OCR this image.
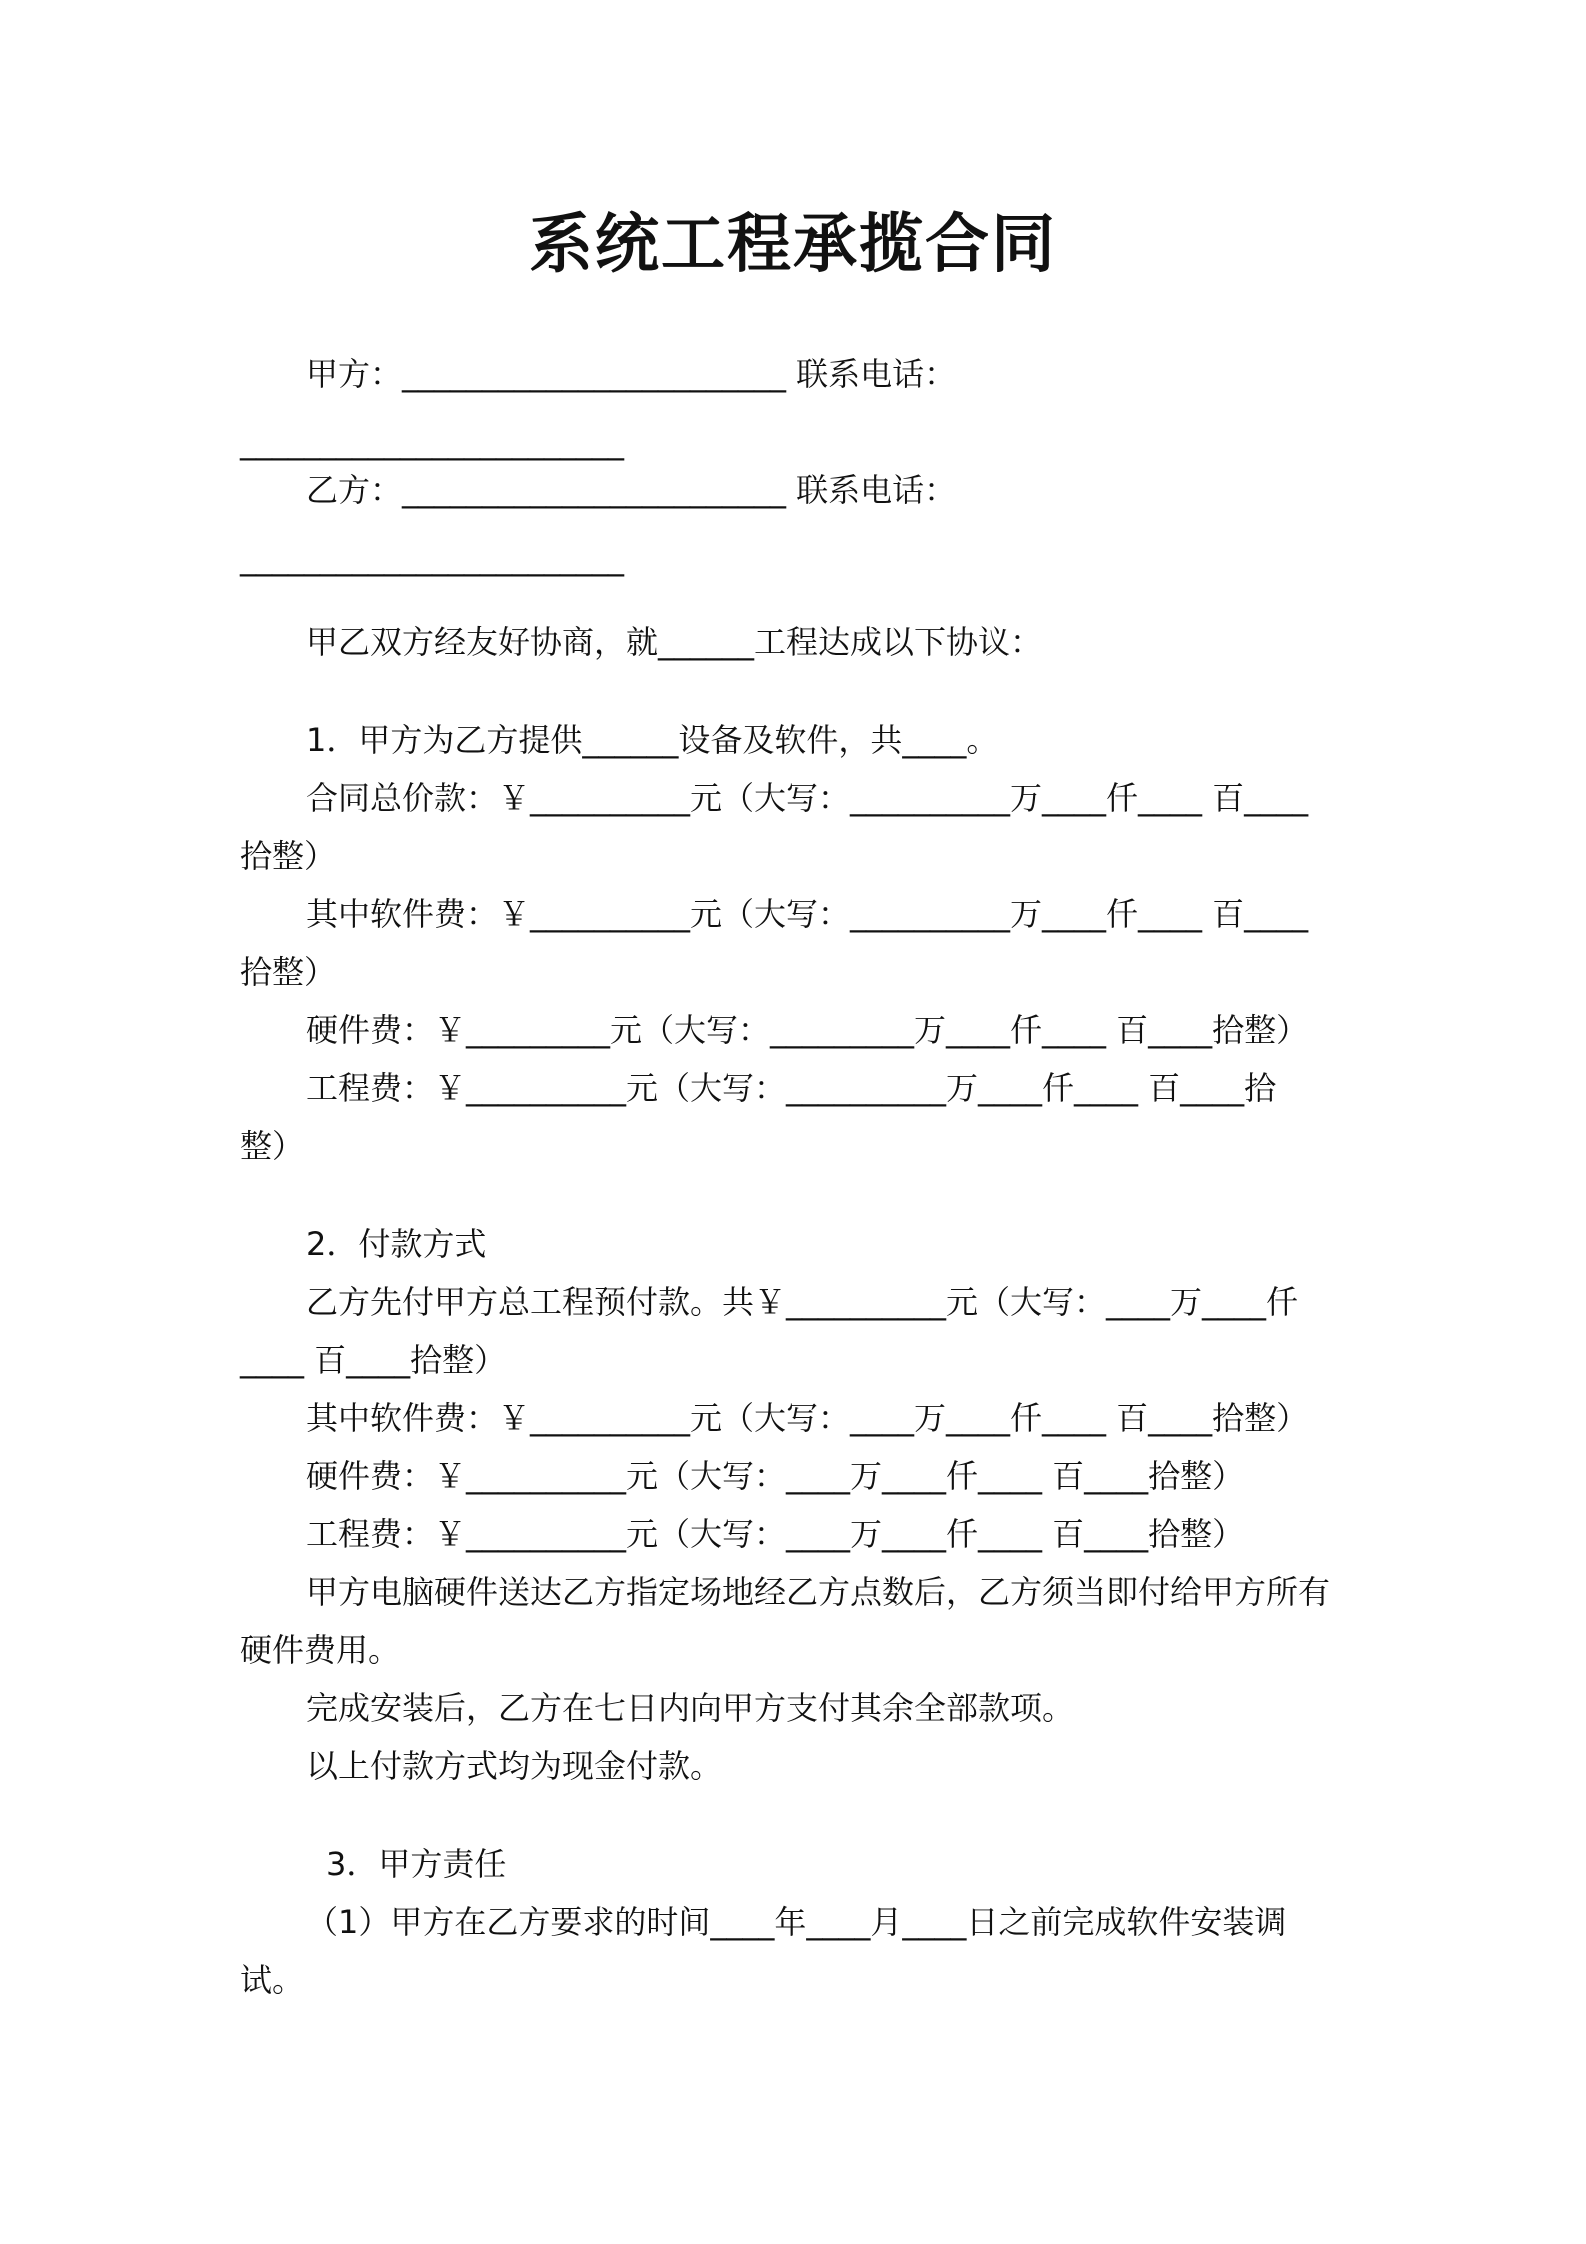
系统工程承揽合同
甲方：________________________ 联系电话：
________________________
乙方：________________________ 联系电话：
________________________
甲乙双方经友好协商，就______工程达成以下协议：
1．甲方为乙方提供______设备及软件，共____。
合同总价款：￥__________元（大写：__________万____仟____ 百____
拾整）
其中软件费：￥__________元（大写：__________万____仟____ 百____
拾整）
硬件费：￥_________元（大写：_________万____仟____ 百____拾整）
工程费：￥__________元（大写：__________万____仟____ 百____拾
整）
2．付款方式
乙方先付甲方总工程预付款。共￥__________元（大写：____万____仟
____ 百____拾整）
其中软件费：￥__________元（大写：____万____仟____ 百____拾整）
硬件费：￥__________元（大写：____万____仟____ 百____拾整）
工程费：￥__________元（大写：____万____仟____ 百____拾整）
甲方电脑硬件送达乙方指定场地经乙方点数后，乙方须当即付给甲方所有
硬件费用。
完成安装后，乙方在七日内向甲方支付其余全部款项。
以上付款方式均为现金付款。
3．甲方责任
（1）甲方在乙方要求的时间____年____月____日之前完成软件安装调
试。
